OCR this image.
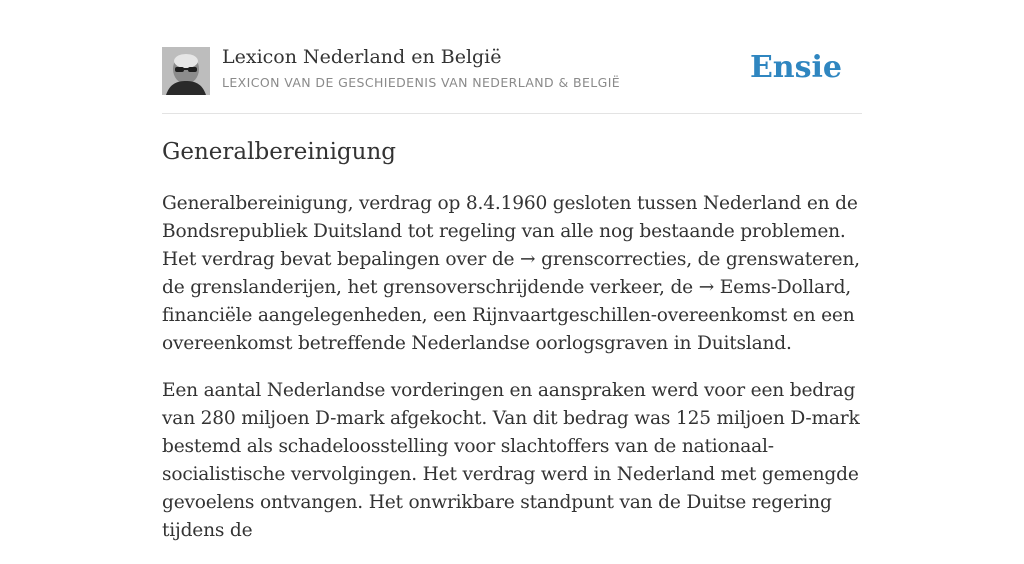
Lexicon Nederland en België
LEXICON VAN DE GESCHIEDENIS VAN NEDERLAND & BELGIË	Ensie
Generalbereinigung

Generalbereinigung, verdrag op 8.4.1960 gesloten tussen Nederland en de Bondsrepubliek Duitsland tot regeling van alle nog bestaande problemen. Het verdrag bevat bepalingen over de → grenscorrecties, de grenswateren, de grenslanderijen, het grensoverschrijdende verkeer, de → Eems-Dollard, financiële aangelegenheden, een Rijnvaartgeschillen-overeenkomst en een overeenkomst betreffende Nederlandse oorlogsgraven in Duitsland.

Een aantal Nederlandse vorderingen en aanspraken werd voor een bedrag van 280 miljoen D-mark afgekocht. Van dit bedrag was 125 miljoen D-mark bestemd als schadeloosstelling voor slachtoffers van de nationaal-socialistische vervolgingen. Het verdrag werd in Nederland met gemengde gevoelens ontvangen. Het onwrikbare standpunt van de Duitse regering tijdens de
